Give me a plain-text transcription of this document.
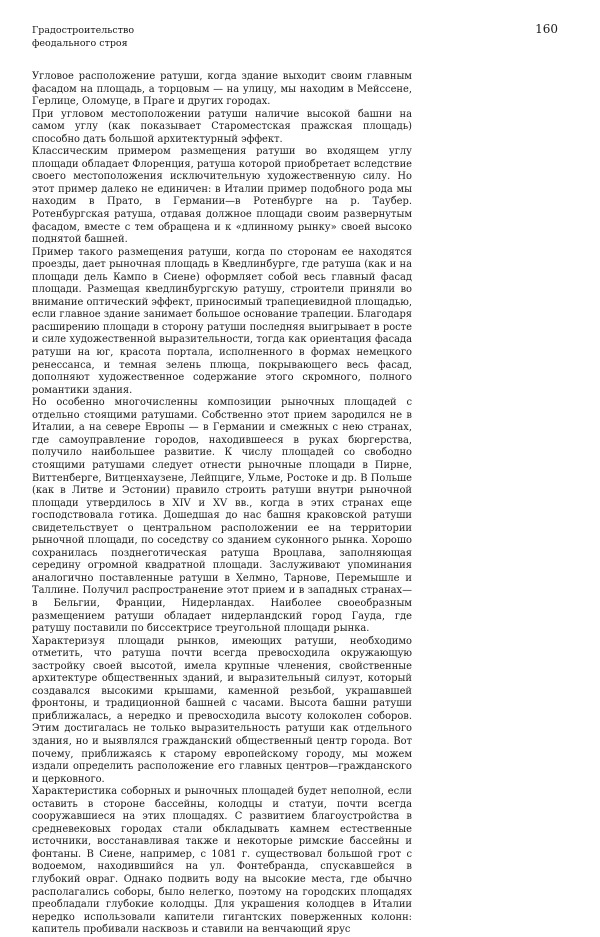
Градостроительство
феодального строя
160

Угловое расположение ратуши, когда здание выходит своим главным фасадом на площадь, а торцовым — на улицу, мы находим в Мейссене, Герлице, Оломуце, в Праге и других городах.

При угловом местоположении ратуши наличие высокой башни на самом углу (как показывает Староместская пражская площадь) способно дать большой архитектурный эффект.

Классическим примером размещения ратуши во входящем углу площади обладает Флоренция, ратуша которой приобретает вследствие своего местоположения исключительную художественную силу. Но этот пример далеко не единичен: в Италии пример подобного рода мы находим в Прато, в Германии—в Ротенбурге на р. Таубер. Ротенбургская ратуша, отдавая должное площади своим развернутым фасадом, вместе с тем обращена и к «длинному рынку» своей высоко поднятой башней.

Пример такого размещения ратуши, когда по сторонам ее находятся проезды, дает рыночная площадь в Кведлинбурге, где ратуша (как и на площади дель Кампо в Сиене) оформляет собой весь главный фасад площади. Размещая кведлинбургскую ратушу, строители приняли во внимание оптический эффект, приносимый трапециевидной площадью, если главное здание занимает большое основание трапеции. Благодаря расширению площади в сторону ратуши последняя выигрывает в росте и силе художественной выразительности, тогда как ориентация фасада ратуши на юг, красота портала, исполненного в формах немецкого ренессанса, и темная зелень плюща, покрывающего весь фасад, дополняют художественное содержание этого скромного, полного романтики здания.

Но особенно многочисленны композиции рыночных площадей с отдельно стоящими ратушами. Собственно этот прием зародился не в Италии, а на севере Европы — в Германии и смежных с нею странах, где самоуправление городов, находившееся в руках бюргерства, получило наибольшее развитие. К числу площадей со свободно стоящими ратушами следует отнести рыночные площади в Пирне, Виттенберге, Витценхаузене, Лейпциге, Ульме, Ростоке и др. В Польше (как в Литве и Эстонии) правило строить ратуши внутри рыночной площади утвердилось в XIV и XV вв., когда в этих странах еще господствовала готика. Дошедшая до нас башня краковской ратуши свидетельствует о центральном расположении ее на территории рыночной площади, по соседству со зданием суконного рынка. Хорошо сохранилась позднеготическая ратуша Вроцлава, заполняющая середину огромной квадратной площади. Заслуживают упоминания аналогично поставленные ратуши в Хелмно, Тарнове, Перемышле и Таллине. Получил распространение этот прием и в западных странах—в Бельгии, Франции, Нидерландах. Наиболее своеобразным размещением ратуши обладает нидерландский город Гауда, где ратушу поставили по биссектрисе треугольной площади рынка.

Характеризуя площади рынков, имеющих ратуши, необходимо отметить, что ратуша почти всегда превосходила окружающую застройку своей высотой, имела крупные членения, свойственные архитектуре общественных зданий, и выразительный силуэт, который создавался высокими крышами, каменной резьбой, украшавшей фронтоны, и традиционной башней с часами. Высота башни ратуши приближалась, а нередко и превосходила высоту колоколен соборов. Этим достигалась не только выразительность ратуши как отдельного здания, но и выявлялся гражданский общественный центр города. Вот почему, приближаясь к старому европейскому городу, мы можем издали определить расположение его главных центров—гражданского и церковного.

Характеристика соборных и рыночных площадей будет неполной, если оставить в стороне бассейны, колодцы и статуи, почти всегда сооружавшиеся на этих площадях. С развитием благоустройства в средневековых городах стали обкладывать камнем естественные источники, восстанавливая также и некоторые римские бассейны и фонтаны. В Сиене, например, с 1081 г. существовал большой грот с водоемом, находившийся на ул. Фонтебранда, спускавшейся в глубокий овраг. Однако подвить воду на высокие места, где обычно располагались соборы, было нелегко, поэтому на городских площадях преобладали глубокие колодцы. Для украшения колодцев в Италии нередко использовали капители гигантских поверженных колонн: капитель пробивали насквозь и ставили на венчающий ярус
